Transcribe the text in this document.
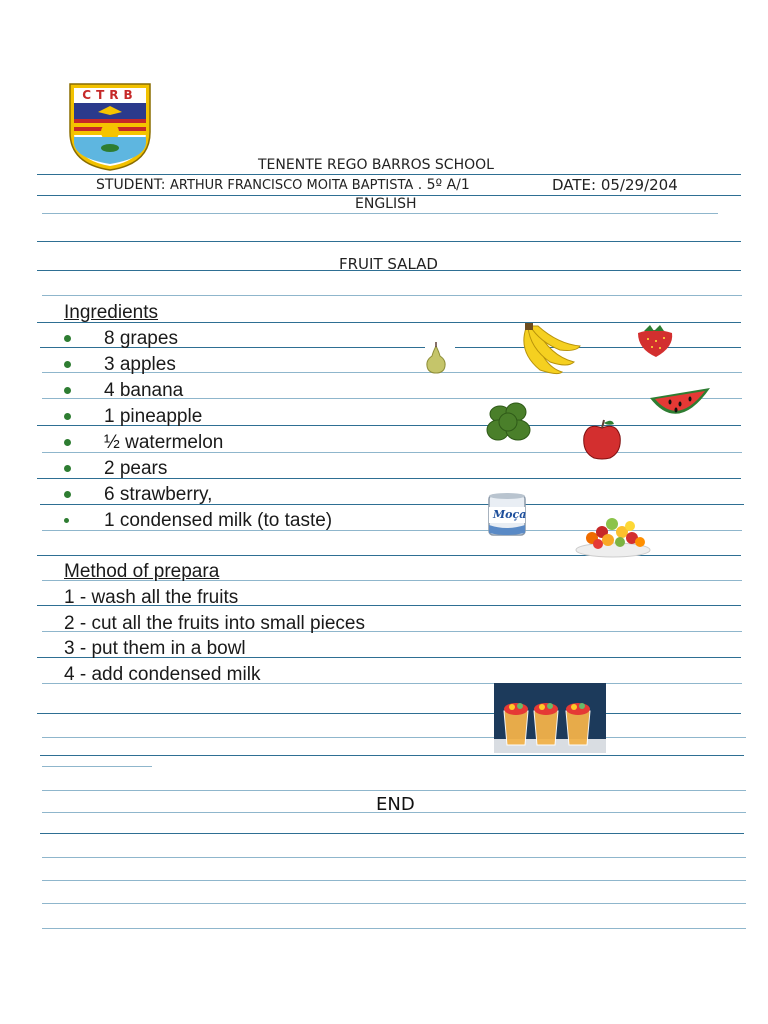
CTRB
TENENTE REGO BARROS SCHOOL
STUDENT: ARTHUR FRANCISCO MOITA BAPTISTA . 5º A/1	DATE: 05/29/204
ENGLISH
FRUIT SALAD
Ingredients
8 grapes
3 apples
4 banana
1 pineapple
½ watermelon
2 pears
6 strawberry,
1 condensed milk (to taste)
Method of prepara
1 - wash all the fruits
2 - cut all the fruits into small pieces
3 - put them in a bowl
4 - add condensed milk
Moça
END
